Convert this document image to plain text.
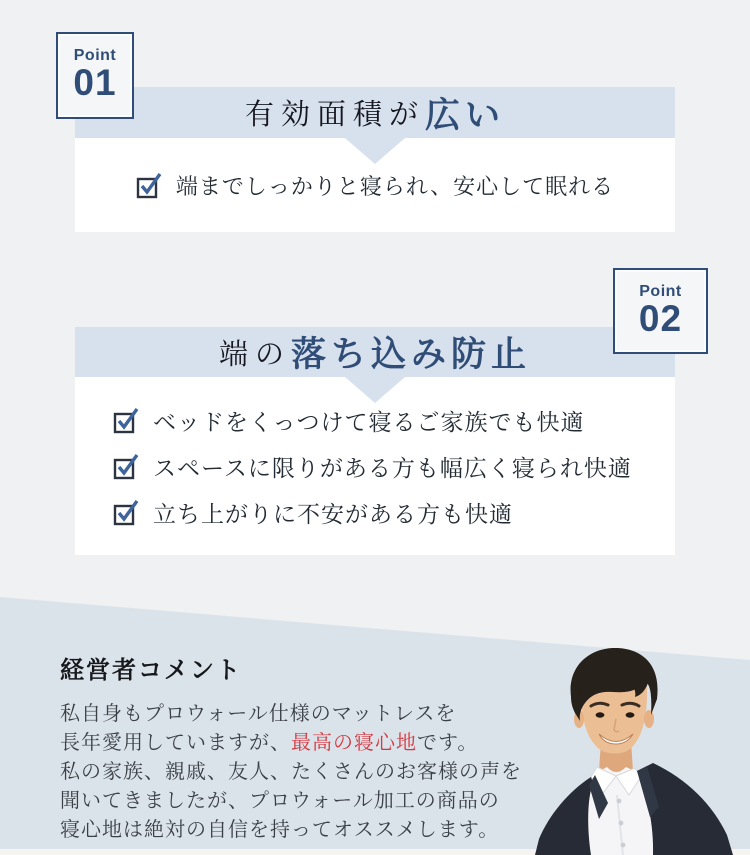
Point
01
有効面積が 広い
端までしっかりと寝られ、安心して眠れる
Point
02
端の 落ち込み防止
ベッドをくっつけて寝るご家族でも快適
スペースに限りがある方も幅広く寝られ快適
立ち上がりに不安がある方も快適
経営者コメント
私自身もプロウォール仕様のマットレスを
長年愛用していますが、最高の寝心地です。
私の家族、親戚、友人、たくさんのお客様の声を
聞いてきましたが、プロウォール加工の商品の
寝心地は絶対の自信を持ってオススメします。
